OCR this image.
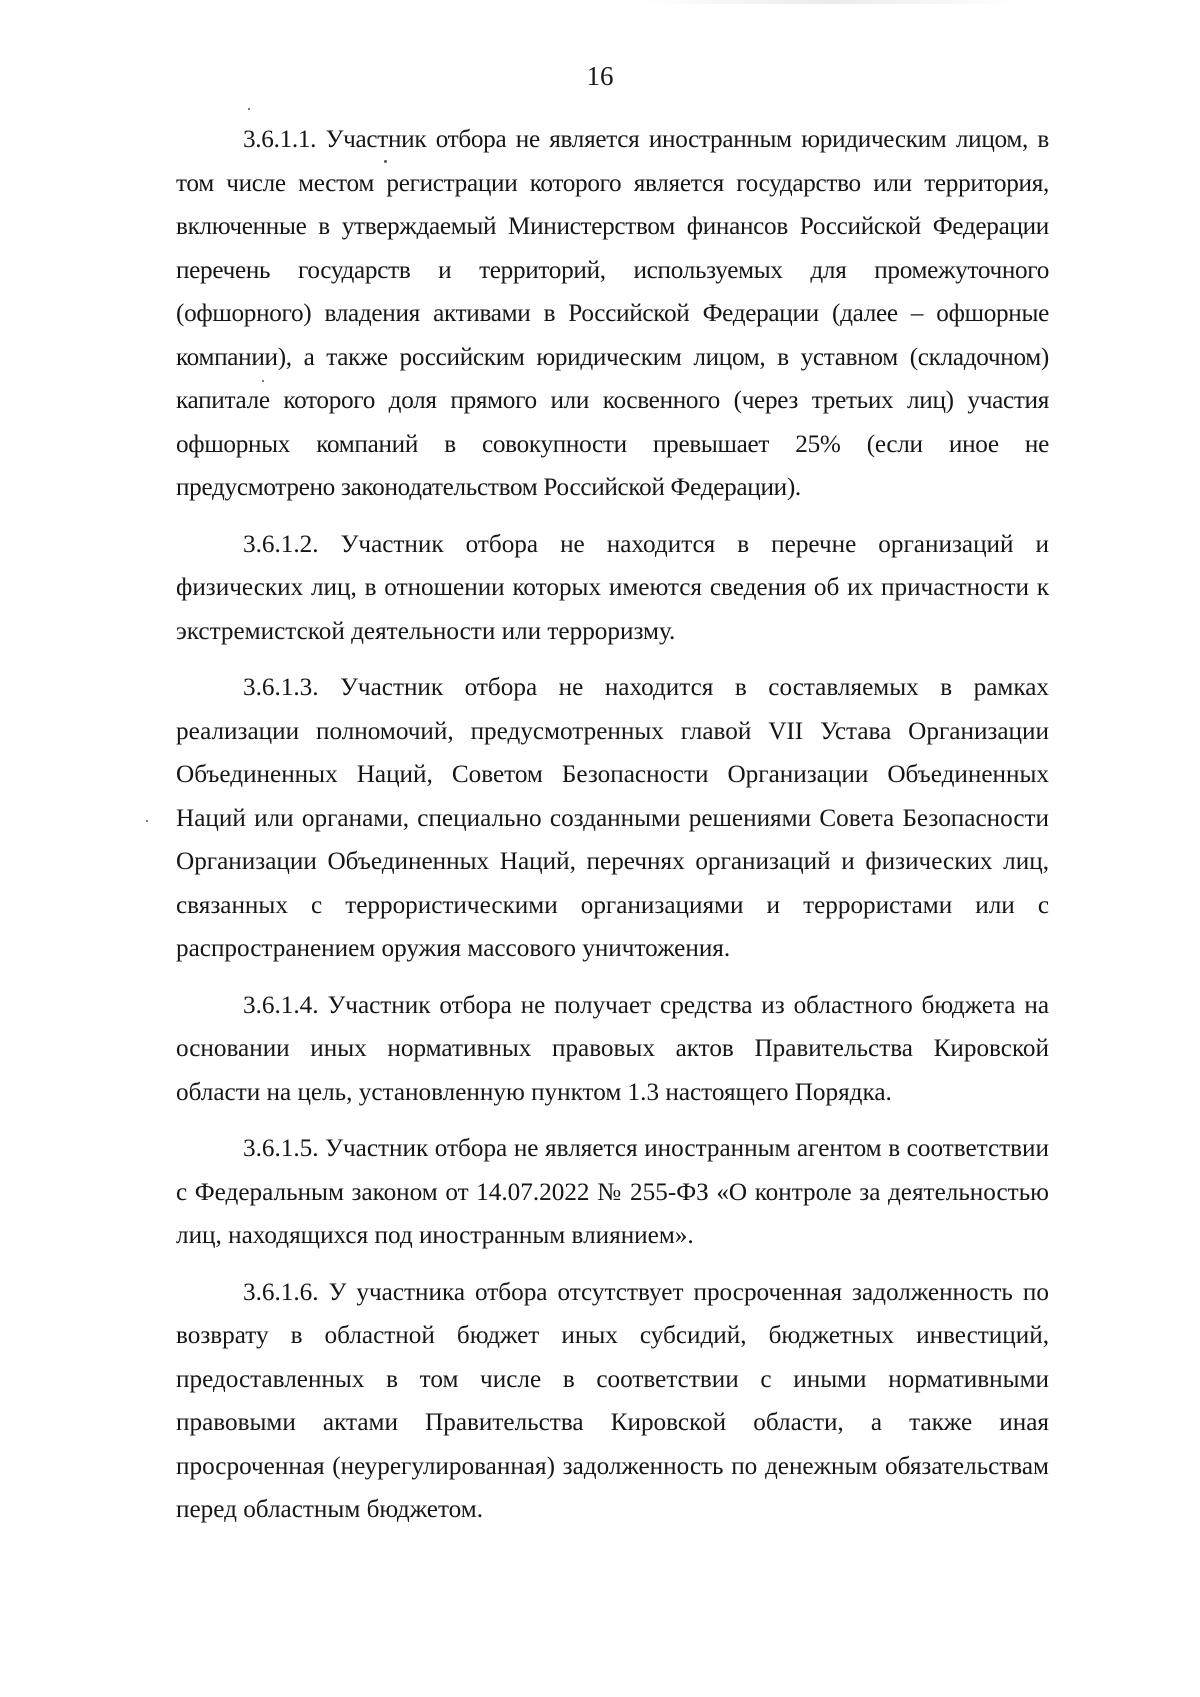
16

3.6.1.1. Участник отбора не является иностранным юридическим лицом, в том числе местом регистрации которого является государство или территория, включенные в утверждаемый Министерством финансов Российской Федерации перечень государств и территорий, используемых для промежуточного (офшорного) владения активами в Российской Федерации (далее – офшорные компании), а также российским юридическим лицом, в уставном (складочном) капитале которого доля прямого или косвенного (через третьих лиц) участия офшорных компаний в совокупности превышает 25% (если иное не предусмотрено законодательством Российской Федерации).

3.6.1.2. Участник отбора не находится в перечне организаций и физических лиц, в отношении которых имеются сведения об их причастности к экстремистской деятельности или терроризму.

3.6.1.3. Участник отбора не находится в составляемых в рамках реализации полномочий, предусмотренных главой VII Устава Организации Объединенных Наций, Советом Безопасности Организации Объединенных Наций или органами, специально созданными решениями Совета Безопасности Организации Объединенных Наций, перечнях организаций и физических лиц, связанных с террористическими организациями и террористами или с распространением оружия массового уничтожения.

3.6.1.4. Участник отбора не получает средства из областного бюджета на основании иных нормативных правовых актов Правительства Кировской области на цель, установленную пунктом 1.3 настоящего Порядка.

3.6.1.5. Участник отбора не является иностранным агентом в соответствии с Федеральным законом от 14.07.2022 № 255-ФЗ «О контроле за деятельностью лиц, находящихся под иностранным влиянием».

3.6.1.6. У участника отбора отсутствует просроченная задолженность по возврату в областной бюджет иных субсидий, бюджетных инвестиций, предоставленных в том числе в соответствии с иными нормативными правовыми актами Правительства Кировской области, а также иная просроченная (неурегулированная) задолженность по денежным обязательствам перед областным бюджетом.
